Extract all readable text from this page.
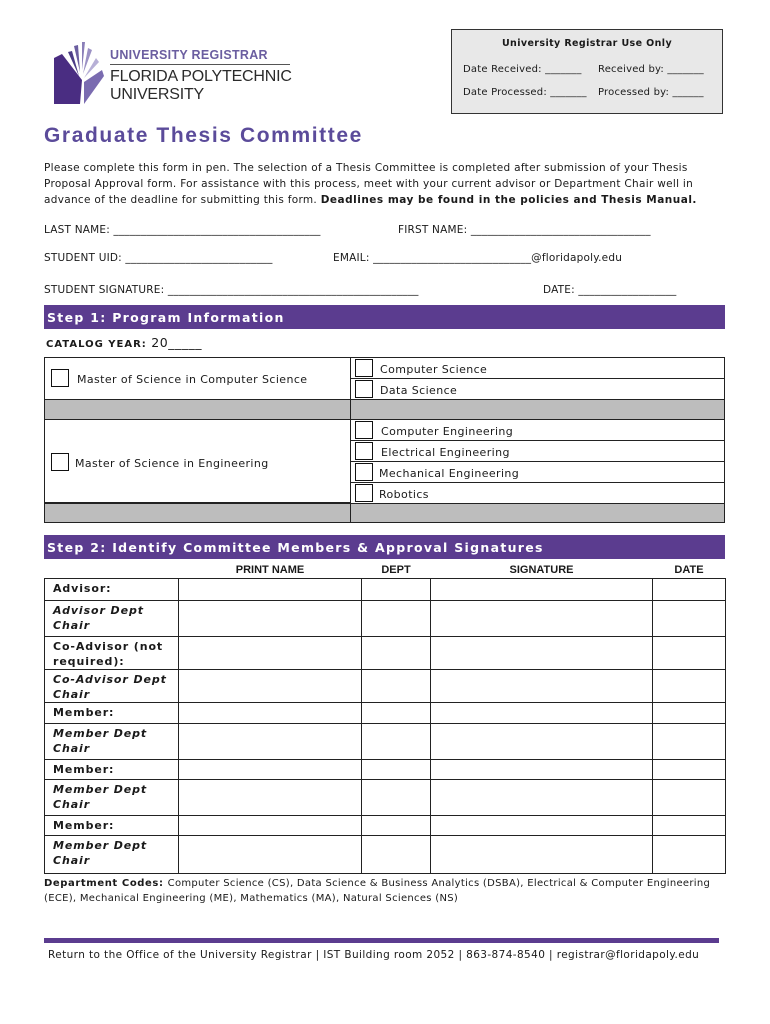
UNIVERSITY REGISTRAR
FLORIDA POLYTECHNIC
UNIVERSITY
University Registrar Use Only
Date Received: _______ Received by: _______
Date Processed: _______ Processed by: ______
Graduate Thesis Committee
Please complete this form in pen. The selection of a Thesis Committee is completed after submission of your Thesis Proposal Approval form. For assistance with this process, meet with your current advisor or Department Chair well in advance of the deadline for submitting this form. Deadlines may be found in the policies and Thesis Manual.
LAST NAME: ______________________________________	FIRST NAME: _________________________________
STUDENT UID: ___________________________	EMAIL: _____________________________@floridapoly.edu
STUDENT SIGNATURE: ______________________________________________	DATE: __________________
Step 1: Program Information
CATALOG YEAR: 20_____
Master of Science in Computer Science
Computer Science
Data Science
Master of Science in Engineering
Computer Engineering
Electrical Engineering
Mechanical Engineering
Robotics
Step 2: Identify Committee Members & Approval Signatures
	PRINT NAME	DEPT	SIGNATURE	DATE
Advisor:				
Advisor Dept Chair				
Co-Advisor (not required):				
Co-Advisor Dept Chair				
Member:				
Member Dept Chair				
Member:				
Member Dept Chair				
Member:				
Member Dept Chair				
Department Codes: Computer Science (CS), Data Science & Business Analytics (DSBA), Electrical & Computer Engineering (ECE), Mechanical Engineering (ME), Mathematics (MA), Natural Sciences (NS)
Return to the Office of the University Registrar | IST Building room 2052 | 863-874-8540 | registrar@floridapoly.edu
